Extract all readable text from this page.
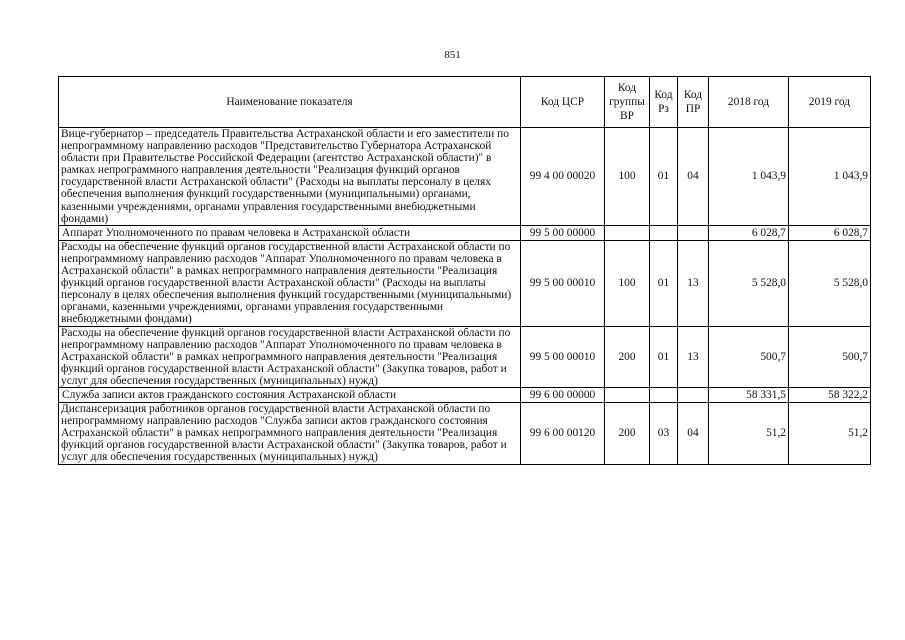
851
Наименование показателя	Код ЦСР	Код группы ВР	Код Рз	Код ПР	2018 год	2019 год
Вице-губернатор – председатель Правительства Астраханской области и его заместители по непрограммному направлению расходов "Представительство Губернатора Астраханской области при Правительстве Российской Федерации (агентство Астраханской области)" в рамках непрограммного направления деятельности "Реализация функций органов государственной власти Астраханской области" (Расходы на выплаты персоналу в целях обеспечения выполнения функций государственными (муниципальными) органами, казенными учреждениями, органами управления государственными внебюджетными фондами)	99 4 00 00020	100	01	04	1 043,9	1 043,9
Аппарат Уполномоченного по правам человека в Астраханской области	99 5 00 00000				6 028,7	6 028,7
Расходы на обеспечение функций органов государственной власти Астраханской области по непрограммному направлению расходов "Аппарат Уполномоченного по правам человека в Астраханской области" в рамках непрограммного направления деятельности "Реализация функций органов государственной власти Астраханской области" (Расходы на выплаты персоналу в целях обеспечения выполнения функций государственными (муниципальными) органами, казенными учреждениями, органами управления государственными внебюджетными фондами)	99 5 00 00010	100	01	13	5 528,0	5 528,0
Расходы на обеспечение функций органов государственной власти Астраханской области по непрограммному направлению расходов "Аппарат Уполномоченного по правам человека в Астраханской области" в рамках непрограммного направления деятельности "Реализация функций органов государственной власти Астраханской области" (Закупка товаров, работ и услуг для обеспечения государственных (муниципальных) нужд)	99 5 00 00010	200	01	13	500,7	500,7
Служба записи актов гражданского состояния Астраханской области	99 6 00 00000				58 331,5	58 322,2
Диспансеризация работников органов государственной власти Астраханской области по непрограммному направлению расходов "Служба записи актов гражданского состояния Астраханской области" в рамках непрограммного направления деятельности "Реализация функций органов государственной власти Астраханской области" (Закупка товаров, работ и услуг для обеспечения государственных (муниципальных) нужд)	99 6 00 00120	200	03	04	51,2	51,2
